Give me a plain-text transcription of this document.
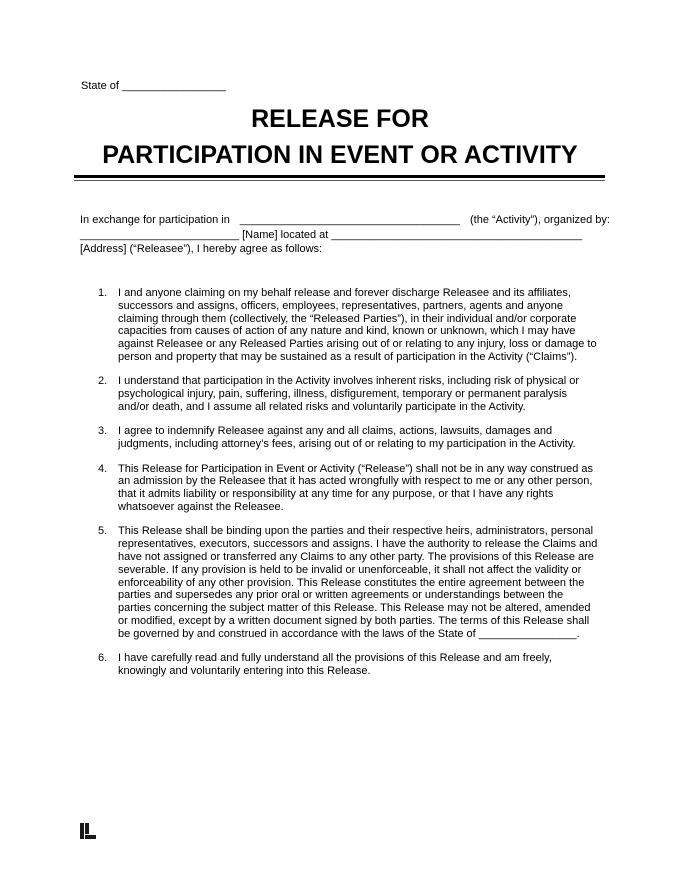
State of _________________
RELEASE FOR
PARTICIPATION IN EVENT OR ACTIVITY
In exchange for participation in ____________________________________ (the “Activity”), organized by:
__________________________
[Name] located at
_________________________________________
[Address] (“Releasee”), I hereby agree as follows:
1. I and anyone claiming on my behalf release and forever discharge Releasee and its affiliates, successors and assigns, officers, employees, representatives, partners, agents and anyone claiming through them (collectively, the “Released Parties”), in their individual and/or corporate capacities from causes of action of any nature and kind, known or unknown, which I may have against Releasee or any Released Parties arising out of or relating to any injury, loss or damage to person and property that may be sustained as a result of participation in the Activity (“Claims”).
2. I understand that participation in the Activity involves inherent risks, including risk of physical or psychological injury, pain, suffering, illness, disfigurement, temporary or permanent paralysis and/or death, and I assume all related risks and voluntarily participate in the Activity.
3. I agree to indemnify Releasee against any and all claims, actions, lawsuits, damages and judgments, including attorney’s fees, arising out of or relating to my participation in the Activity.
4. This Release for Participation in Event or Activity (“Release”) shall not be in any way construed as an admission by the Releasee that it has acted wrongfully with respect to me or any other person, that it admits liability or responsibility at any time for any purpose, or that I have any rights whatsoever against the Releasee.
5. This Release shall be binding upon the parties and their respective heirs, administrators, personal representatives, executors, successors and assigns. I have the authority to release the Claims and have not assigned or transferred any Claims to any other party. The provisions of this Release are severable. If any provision is held to be invalid or unenforceable, it shall not affect the validity or enforceability of any other provision. This Release constitutes the entire agreement between the parties and supersedes any prior oral or written agreements or understandings between the parties concerning the subject matter of this Release. This Release may not be altered, amended or modified, except by a written document signed by both parties. The terms of this Release shall be governed by and construed in accordance with the laws of the State of ________________.
6. I have carefully read and fully understand all the provisions of this Release and am freely, knowingly and voluntarily entering into this Release.
